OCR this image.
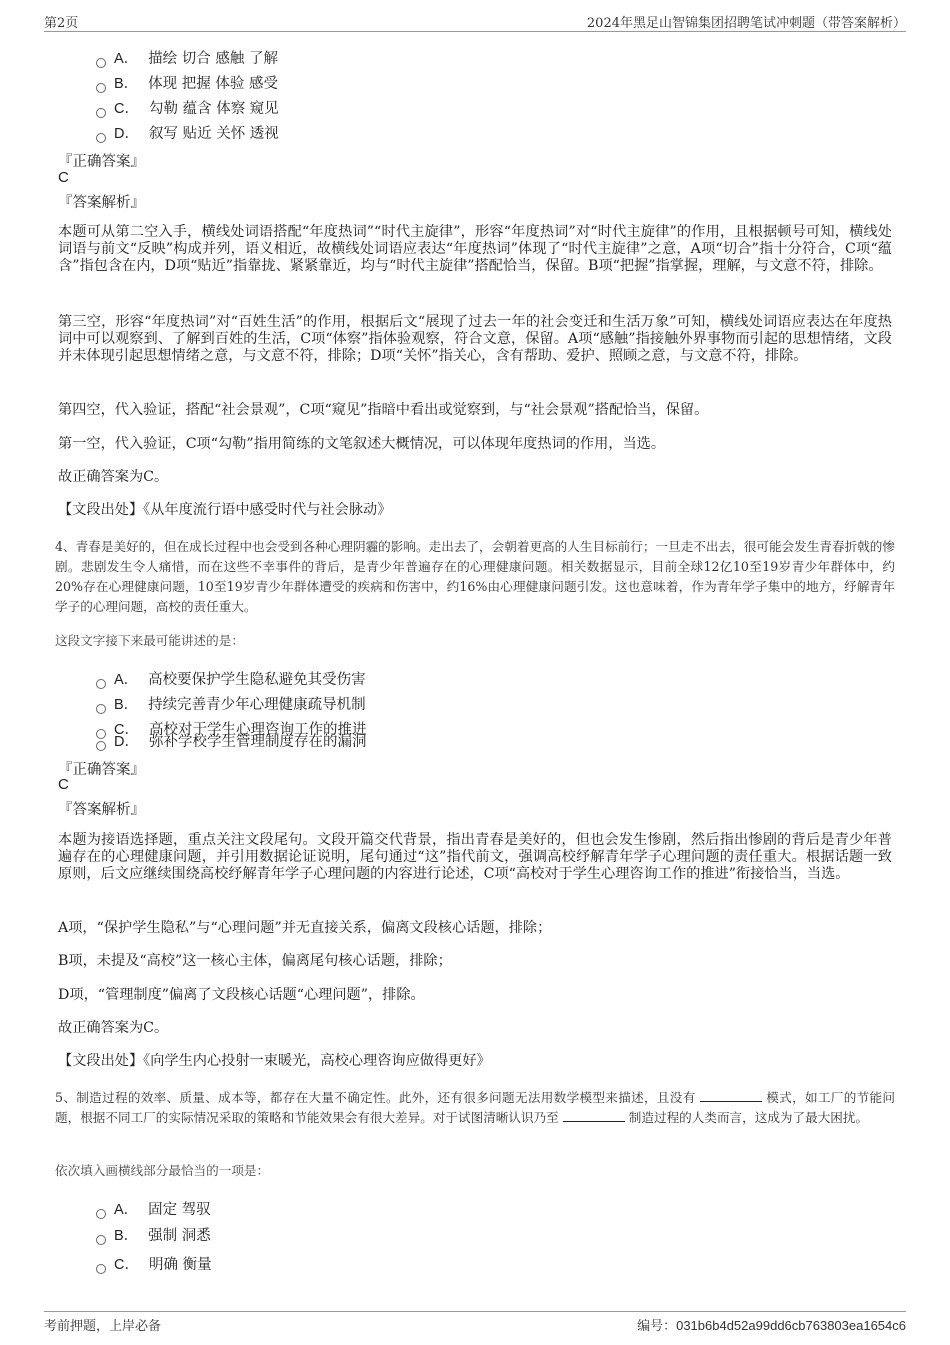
第2页	2024年黑足山智锦集团招聘笔试冲刺题（带答案解析）
A． 描绘 切合 感触 了解
B． 体现 把握 体验 感受
C． 勾勒 蕴含 体察 窥见
D． 叙写 贴近 关怀 透视
『正确答案』
C
『答案解析』
本题可从第二空入手，横线处词语搭配“年度热词”“时代主旋律”，形容“年度热词”对“时代主旋律”的作用，且根据顿号可知，横线处词语与前文“反映”构成并列，语义相近，故横线处词语应表达“年度热词”体现了“时代主旋律”之意，A项“切合”指十分符合，C项“蕴含”指包含在内，D项“贴近”指靠拢、紧紧靠近，均与“时代主旋律”搭配恰当，保留。B项“把握”指掌握，理解，与文意不符，排除。
第三空，形容“年度热词”对“百姓生活”的作用，根据后文“展现了过去一年的社会变迁和生活万象”可知，横线处词语应表达在年度热词中可以观察到、了解到百姓的生活，C项“体察”指体验观察，符合文意，保留。A项“感触”指接触外界事物而引起的思想情绪，文段并未体现引起思想情绪之意，与文意不符，排除；D项“关怀”指关心，含有帮助、爱护、照顾之意，与文意不符，排除。
第四空，代入验证，搭配“社会景观”，C项“窥见”指暗中看出或觉察到，与“社会景观”搭配恰当，保留。
第一空，代入验证，C项“勾勒”指用简练的文笔叙述大概情况，可以体现年度热词的作用，当选。
故正确答案为C。
【文段出处】《从年度流行语中感受时代与社会脉动》
4、青春是美好的，但在成长过程中也会受到各种心理阴霾的影响。走出去了，会朝着更高的人生目标前行；一旦走不出去，很可能会发生青春折戟的惨剧。悲剧发生令人痛惜，而在这些不幸事件的背后，是青少年普遍存在的心理健康问题。相关数据显示，目前全球12亿10至19岁青少年群体中，约20%存在心理健康问题，10至19岁青少年群体遭受的疾病和伤害中，约16%由心理健康问题引发。这也意味着，作为青年学子集中的地方，纾解青年学子的心理问题，高校的责任重大。
这段文字接下来最可能讲述的是：
A． 高校要保护学生隐私避免其受伤害
B． 持续完善青少年心理健康疏导机制
C． 高校对于学生心理咨询工作的推进
D． 弥补学校学生管理制度存在的漏洞
『正确答案』
C
『答案解析』
本题为接语选择题，重点关注文段尾句。文段开篇交代背景，指出青春是美好的，但也会发生惨剧，然后指出惨剧的背后是青少年普遍存在的心理健康问题，并引用数据论证说明，尾句通过“这”指代前文，强调高校纾解青年学子心理问题的责任重大。根据话题一致原则，后文应继续围绕高校纾解青年学子心理问题的内容进行论述，C项“高校对于学生心理咨询工作的推进”衔接恰当，当选。
A项，“保护学生隐私”与“心理问题”并无直接关系，偏离文段核心话题，排除；
B项，未提及“高校”这一核心主体，偏离尾句核心话题，排除；
D项，“管理制度”偏离了文段核心话题“心理问题”，排除。
故正确答案为C。
【文段出处】《向学生内心投射一束暖光，高校心理咨询应做得更好》
5、制造过程的效率、质量、成本等，都存在大量不确定性。此外，还有很多问题无法用数学模型来描述，且没有	模式，如工厂的节能问题，根据不同工厂的实际情况采取的策略和节能效果会有很大差异。对于试图清晰认识乃至	制造过程的人类而言，这成为了最大困扰。
依次填入画横线部分最恰当的一项是：
A． 固定 驾驭
B． 强制 洞悉
C． 明确 衡量
考前押题，上岸必备	编号：031b6b4d52a99dd6cb763803ea1654c6
